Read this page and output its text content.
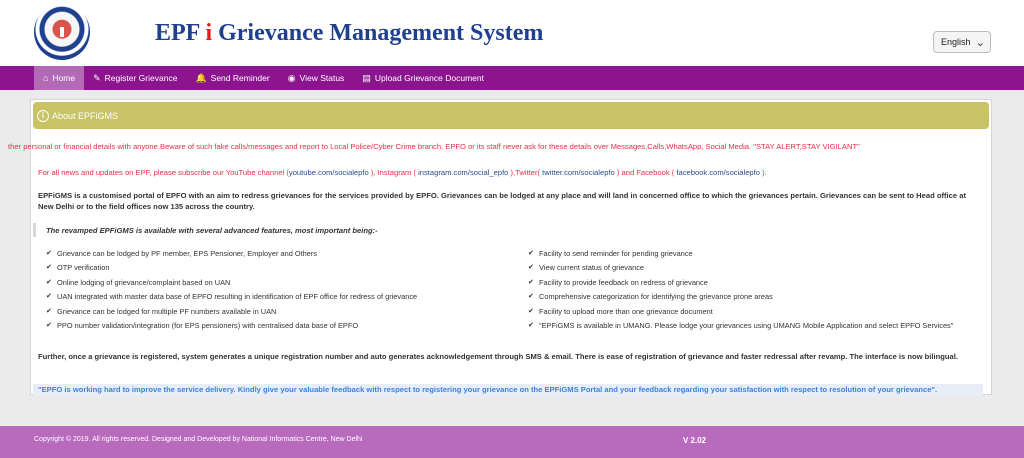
EPF i Grievance Management System	English ⌄
⌂ Home ✎ Register Grievance 🔔 Send Reminder ◉ View Status ▤ Upload Grievance Document
i About EPFiGMS
ther personal or financial details with anyone.Beware of such fake calls/messages and report to Local Police/Cyber Crime branch. EPFO or its staff never ask for these details over Messages,Calls,WhatsApp, Social Media. "STAY ALERT,STAY VIGILANT"
For all news and updates on EPF, please subscribe our YouTube channel (youtube.com/socialepfo ), Instagram ( instagram.com/social_epfo ),Twitter( twitter.com/socialepfo ) and Facebook ( facebook.com/socialepfo ).
EPFiGMS is a customised portal of EPFO with an aim to redress grievances for the services provided by EPFO. Grievances can be lodged at any place and will land in concerned office to which the grievances pertain. Grievances can be sent to Head office at New Delhi or to the field offices now 135 across the country.
The revamped EPFiGMS is available with several advanced features, most important being:-
✔ Grievance can be lodged by PF member, EPS Pensioner, Employer and Others
✔ OTP verification
✔ Online lodging of grievance/complaint based on UAN
✔ UAN integrated with master data base of EPFO resulting in identification of EPF office for redress of grievance
✔ Grievance can be lodged for multiple PF numbers available in UAN
✔ PPO number validation/integration (for EPS pensioners) with centralised data base of EPFO
✔ Facility to send reminder for pending grievance
✔ View current status of grievance
✔ Facility to provide feedback on redress of grievance
✔ Comprehensive categorization for identifying the grievance prone areas
✔ Facility to upload more than one grievance document
✔ "EPFiGMS is available in UMANG. Please lodge your grievances using UMANG Mobile Application and select EPFO Services"
Further, once a grievance is registered, system generates a unique registration number and auto generates acknowledgement through SMS & email. There is ease of registration of grievance and faster redressal after revamp. The interface is now bilingual.
"EPFO is working hard to improve the service delivery. Kindly give your valuable feedback with respect to registering your grievance on the EPFiGMS Portal and your feedback regarding your satisfaction with respect to resolution of your grievance".
Copyright © 2019. All rights reserved. Designed and Developed by National Informatics Centre, New Delhi	V 2.02
